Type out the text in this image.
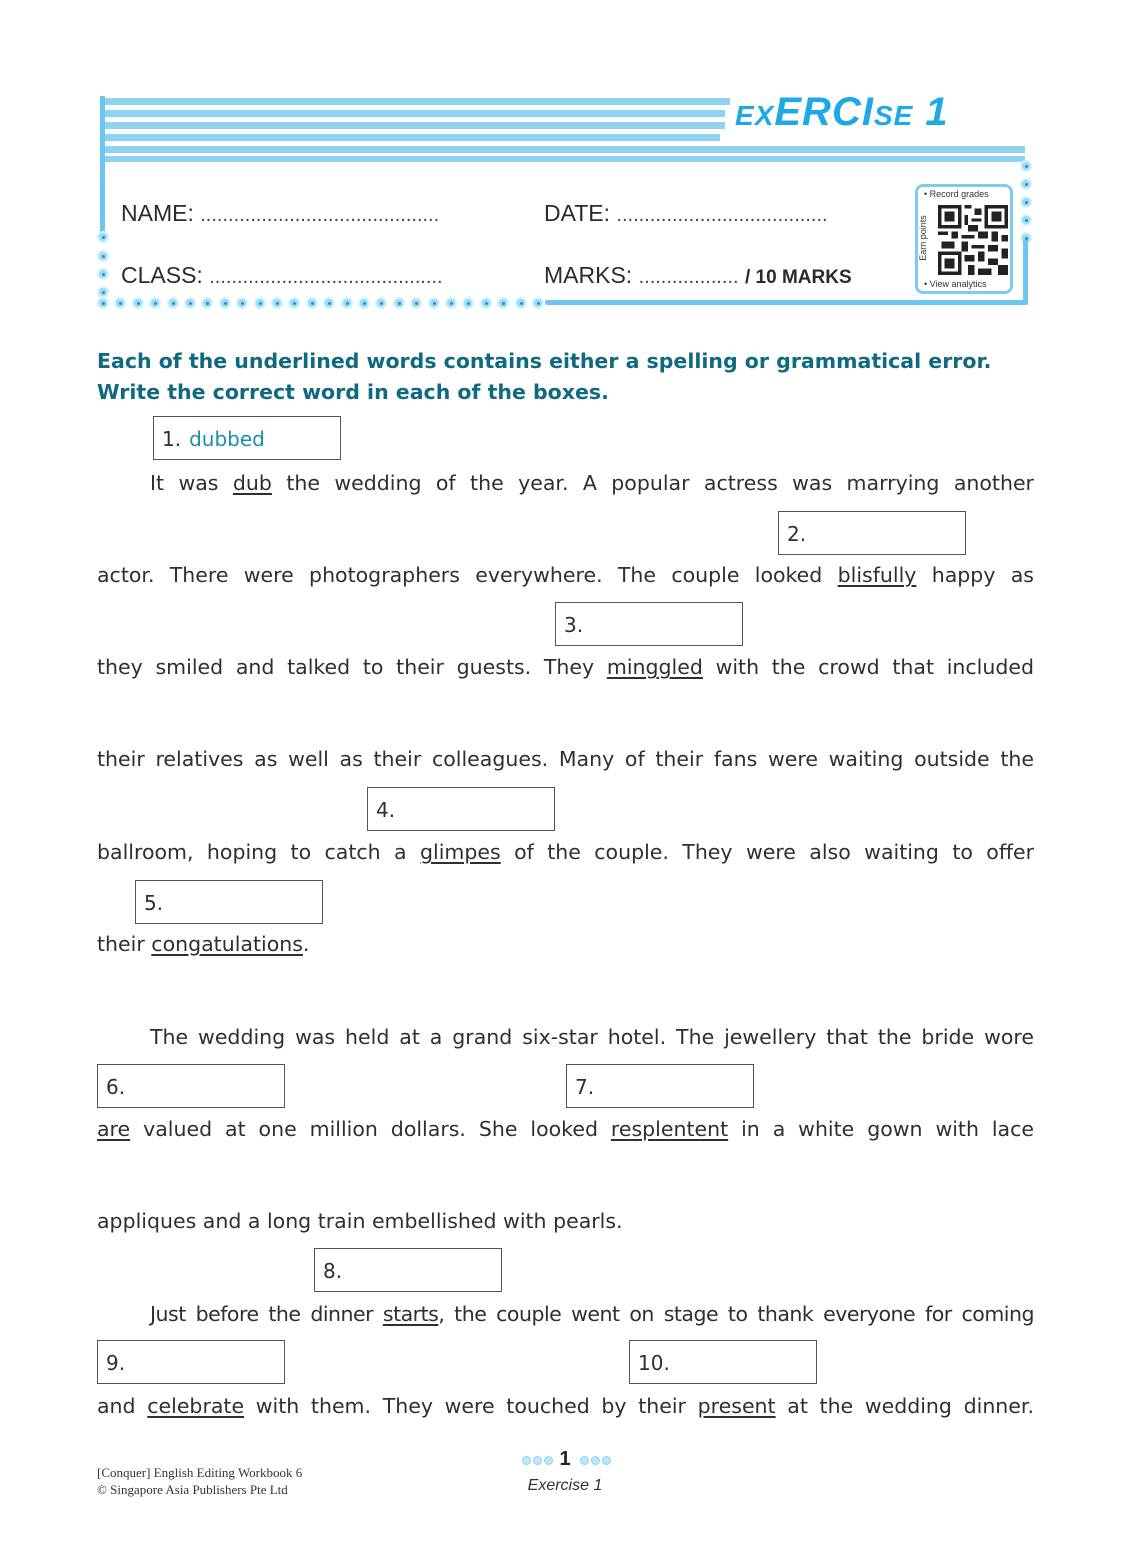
EXERCISE 1
NAME: ...........................................	DATE: ......................................
CLASS: ..........................................	MARKS: .................. / 10 MARKS
• Record grades
Earn points
• View analytics
Each of the underlined words contains either a spelling or grammatical error.
Write the correct word in each of the boxes.
1. dubbed
2.
3.
4.
5.
6.	7.
8.
9.	10.
It was dub the wedding of the year. A popular actress was marrying another
actor. There were photographers everywhere. The couple looked blisfully happy as
they smiled and talked to their guests. They minggled with the crowd that included
their relatives as well as their colleagues. Many of their fans were waiting outside the
ballroom, hoping to catch a glimpes of the couple. They were also waiting to offer
their congatulations.
The wedding was held at a grand six-star hotel. The jewellery that the bride wore
are valued at one million dollars. She looked resplentent in a white gown with lace
appliques and a long train embellished with pearls.
Just before the dinner starts, the couple went on stage to thank everyone for coming
and celebrate with them. They were touched by their present at the wedding dinner.
[Conquer] English Editing Workbook 6
© Singapore Asia Publishers Pte Ltd
1
Exercise 1
